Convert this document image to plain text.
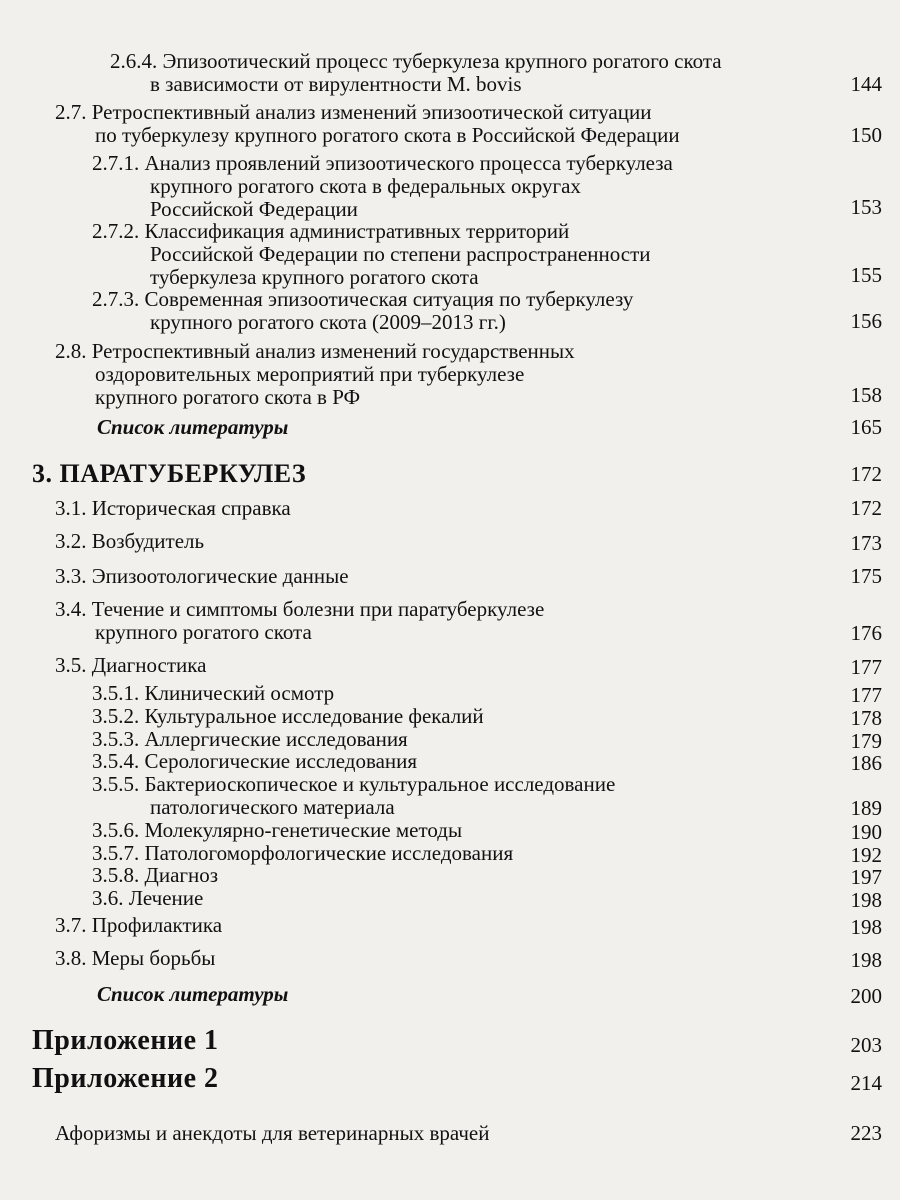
2.6.4. Эпизоотический процесс туберкулеза крупного рогатого скота
в зависимости от вирулентности M. bovis	144
2.7. Ретроспективный анализ изменений эпизоотической ситуации
по туберкулезу крупного рогатого скота в Российской Федерации	150
2.7.1. Анализ проявлений эпизоотического процесса туберкулеза
крупного рогатого скота в федеральных округах
Российской Федерации	153
2.7.2. Классификация административных территорий
Российской Федерации по степени распространенности
туберкулеза крупного рогатого скота	155
2.7.3. Современная эпизоотическая ситуация по туберкулезу
крупного рогатого скота (2009–2013 гг.)	156
2.8. Ретроспективный анализ изменений государственных
оздоровительных мероприятий при туберкулезе
крупного рогатого скота в РФ	158
Список литературы	165
3. ПАРАТУБЕРКУЛЕЗ	172
3.1. Историческая справка	172
3.2. Возбудитель	173
3.3. Эпизоотологические данные	175
3.4. Течение и симптомы болезни при паратуберкулезе
крупного рогатого скота	176
3.5. Диагностика	177
3.5.1. Клинический осмотр	177
3.5.2. Культуральное исследование фекалий	178
3.5.3. Аллергические исследования	179
3.5.4. Серологические исследования	186
3.5.5. Бактериоскопическое и культуральное исследование
патологического материала	189
3.5.6. Молекулярно-генетические методы	190
3.5.7. Патологоморфологические исследования	192
3.5.8. Диагноз	197
3.6. Лечение	198
3.7. Профилактика	198
3.8. Меры борьбы	198
Список литературы	200
Приложение 1	203
Приложение 2	214
Афоризмы и анекдоты для ветеринарных врачей	223
